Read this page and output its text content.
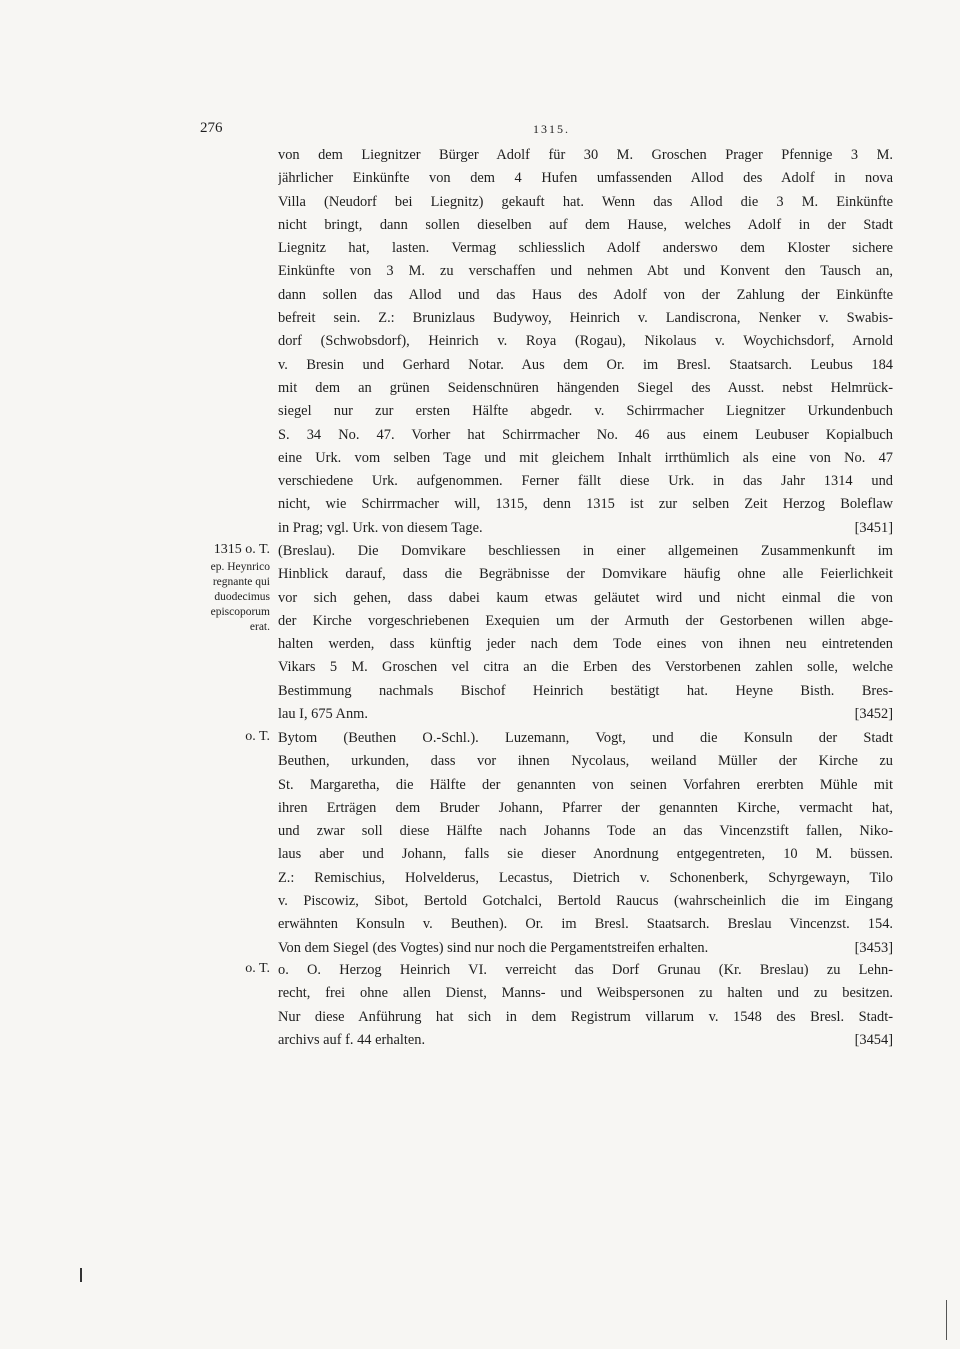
276	1315.
von dem Liegnitzer Bürger Adolf für 30 M. Groschen Prager Pfennige 3 M.
jährlicher Einkünfte von dem 4 Hufen umfassenden Allod des Adolf in nova
Villa (Neudorf bei Liegnitz) gekauft hat. Wenn das Allod die 3 M. Einkünfte
nicht bringt, dann sollen dieselben auf dem Hause, welches Adolf in der Stadt
Liegnitz hat, lasten. Vermag schliesslich Adolf anderswo dem Kloster sichere
Einkünfte von 3 M. zu verschaffen und nehmen Abt und Konvent den Tausch an,
dann sollen das Allod und das Haus des Adolf von der Zahlung der Einkünfte
befreit sein. Z.: Brunizlaus Budywoy, Heinrich v. Landiscrona, Nenker v. Swabis-
dorf (Schwobsdorf), Heinrich v. Roya (Rogau), Nikolaus v. Woychichsdorf, Arnold
v. Bresin und Gerhard Notar. Aus dem Or. im Bresl. Staatsarch. Leubus 184
mit dem an grünen Seidenschnüren hängenden Siegel des Ausst. nebst Helmrück-
siegel nur zur ersten Hälfte abgedr. v. Schirrmacher Liegnitzer Urkundenbuch
S. 34 No. 47. Vorher hat Schirrmacher No. 46 aus einem Leubuser Kopialbuch
eine Urk. vom selben Tage und mit gleichem Inhalt irrthümlich als eine von No. 47
verschiedene Urk. aufgenommen. Ferner fällt diese Urk. in das Jahr 1314 und
nicht, wie Schirrmacher will, 1315, denn 1315 ist zur selben Zeit Herzog Boleflaw
in Prag; vgl. Urk. von diesem Tage.	[3451]
1315 o. T.
ep. Heynrico
regnante qui
duodecimus
episcoporum
erat.
(Breslau). Die Domvikare beschliessen in einer allgemeinen Zusammenkunft im
Hinblick darauf, dass die Begräbnisse der Domvikare häufig ohne alle Feierlichkeit
vor sich gehen, dass dabei kaum etwas geläutet wird und nicht einmal die von
der Kirche vorgeschriebenen Exequien um der Armuth der Gestorbenen willen abge-
halten werden, dass künftig jeder nach dem Tode eines von ihnen neu eintretenden
Vikars 5 M. Groschen vel citra an die Erben des Verstorbenen zahlen solle, welche
Bestimmung nachmals Bischof Heinrich bestätigt hat. Heyne Bisth. Bres-
lau I, 675 Anm.	[3452]
o. T. Bytom (Beuthen O.-Schl.). Luzemann, Vogt, und die Konsuln der Stadt
Beuthen, urkunden, dass vor ihnen Nycolaus, weiland Müller der Kirche zu
St. Margaretha, die Hälfte der genannten von seinen Vorfahren ererbten Mühle mit
ihren Erträgen dem Bruder Johann, Pfarrer der genannten Kirche, vermacht hat,
und zwar soll diese Hälfte nach Johanns Tode an das Vincenzstift fallen, Niko-
laus aber und Johann, falls sie dieser Anordnung entgegentreten, 10 M. büssen.
Z.: Remischius, Holvelderus, Lecastus, Dietrich v. Schonenberk, Schyrgewayn, Tilo
v. Piscowiz, Sibot, Bertold Gotchalci, Bertold Raucus (wahrscheinlich die im Eingang
erwähnten Konsuln v. Beuthen). Or. im Bresl. Staatsarch. Breslau Vincenzst. 154.
Von dem Siegel (des Vogtes) sind nur noch die Pergamentstreifen erhalten.	[3453]
o. T. o. O. Herzog Heinrich VI. verreicht das Dorf Grunau (Kr. Breslau) zu Lehn-
recht, frei ohne allen Dienst, Manns- und Weibspersonen zu halten und zu besitzen.
Nur diese Anführung hat sich in dem Registrum villarum v. 1548 des Bresl. Stadt-
archivs auf f. 44 erhalten.	[3454]
